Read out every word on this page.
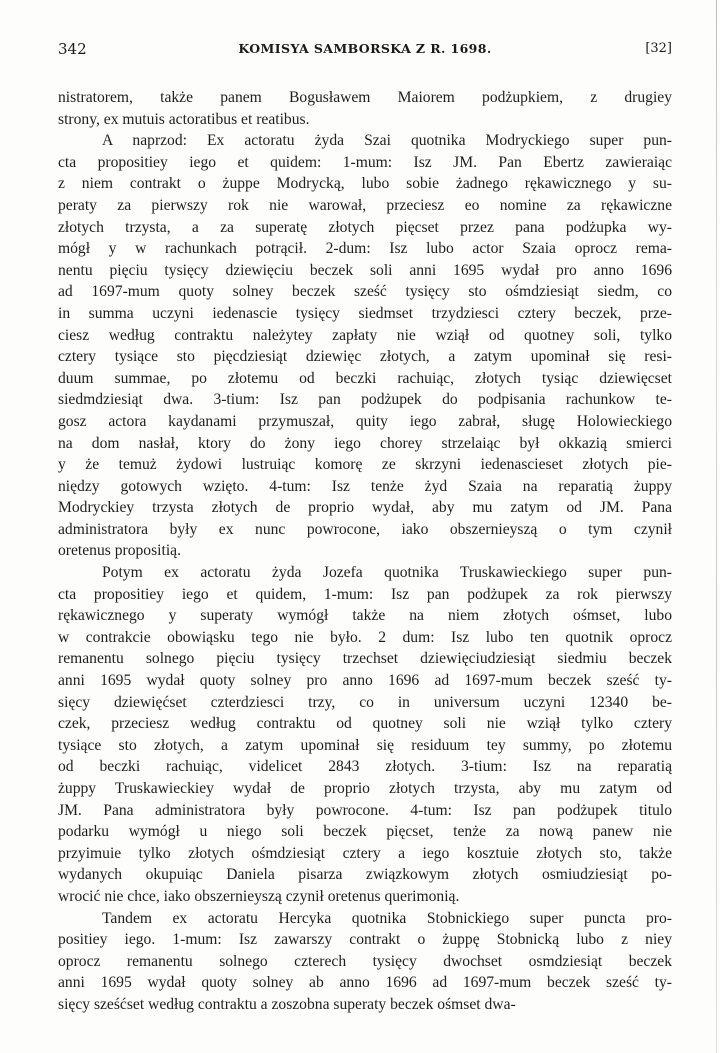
342	KOMISYA SAMBORSKA Z R. 1698.	[32]
nistratorem, także panem Bogusławem Maiorem podżupkiem, z drugiey
strony, ex mutuis actoratibus et reatibus.
A naprzod: Ex actoratu żyda Szai quotnika Modryckiego super pun-
cta propositiey iego et quidem: 1-mum: Isz JM. Pan Ebertz zawieraiąc
z niem contrakt o żuppe Modrycką, lubo sobie żadnego rękawicznego y su-
peraty za pierwszy rok nie warował, przeciesz eo nomine za rękawiczne
złotych trzysta, a za superatę złotych pięcset przez pana podżupka wy-
mógł y w rachunkach potrącił. 2-dum: Isz lubo actor Szaia oprocz rema-
nentu pięciu tysięcy dziewięciu beczek soli anni 1695 wydał pro anno 1696
ad 1697-mum quoty solney beczek sześć tysięcy sto ośmdziesiąt siedm, co
in summa uczyni iedenascie tysięcy siedmset trzydziesci cztery beczek, prze-
ciesz według contraktu należytey zapłaty nie wziął od quotney soli, tylko
cztery tysiące sto pięcdziesiąt dziewięc złotych, a zatym upominał się resi-
duum summae, po złotemu od beczki rachuiąc, złotych tysiąc dziewięcset
siedmdziesiąt dwa. 3-tium: Isz pan podżupek do podpisania rachunkow te-
gosz actora kaydanami przymuszał, quity iego zabrał, sługę Holowieckiego
na dom nasłał, ktory do żony iego chorey strzelaiąc był okkazią smierci
y że temuż żydowi lustruiąc komorę ze skrzyni iedenascieset złotych pie-
niędzy gotowych wzięto. 4-tum: Isz tenże żyd Szaia na reparatią żuppy
Modryckiey trzysta złotych de proprio wydał, aby mu zatym od JM. Pana
administratora były ex nunc powrocone, iako obszernieyszą o tym czynił
oretenus propositią.
Potym ex actoratu żyda Jozefa quotnika Truskawieckiego super pun-
cta propositiey iego et quidem, 1-mum: Isz pan podżupek za rok pierwszy
rękawicznego y superaty wymógł także na niem złotych ośmset, lubo
w contrakcie obowiąsku tego nie było. 2 dum: Isz lubo ten quotnik oprocz
remanentu solnego pięciu tysięcy trzechset dziewięciudziesiąt siedmiu beczek
anni 1695 wydał quoty solney pro anno 1696 ad 1697-mum beczek sześć ty-
sięcy dziewięćset czterdziesci trzy, co in universum uczyni 12340 be-
czek, przeciesz według contraktu od quotney soli nie wziął tylko cztery
tysiące sto złotych, a zatym upominał się residuum tey summy, po złotemu
od beczki rachuiąc, videlicet 2843 złotych. 3-tium: Isz na reparatią
żuppy Truskawieckiey wydał de proprio złotych trzysta, aby mu zatym od
JM. Pana administratora były powrocone. 4-tum: Isz pan podżupek titulo
podarku wymógł u niego soli beczek pięcset, tenże za nową panew nie
przyimuie tylko złotych ośmdziesiąt cztery a iego kosztuie złotych sto, także
wydanych okupuiąc Daniela pisarza związkowym złotych osmiudziesiąt po-
wrocić nie chce, iako obszernieyszą czynił oretenus querimonią.
Tandem ex actoratu Hercyka quotnika Stobnickiego super puncta pro-
positiey iego. 1-mum: Isz zawarszy contrakt o żuppę Stobnicką lubo z niey
oprocz remanentu solnego czterech tysięcy dwochset osmdziesiąt beczek
anni 1695 wydał quoty solney ab anno 1696 ad 1697-mum beczek sześć ty-
sięcy sześćset według contraktu a zoszobna superaty beczek ośmset dwa-
